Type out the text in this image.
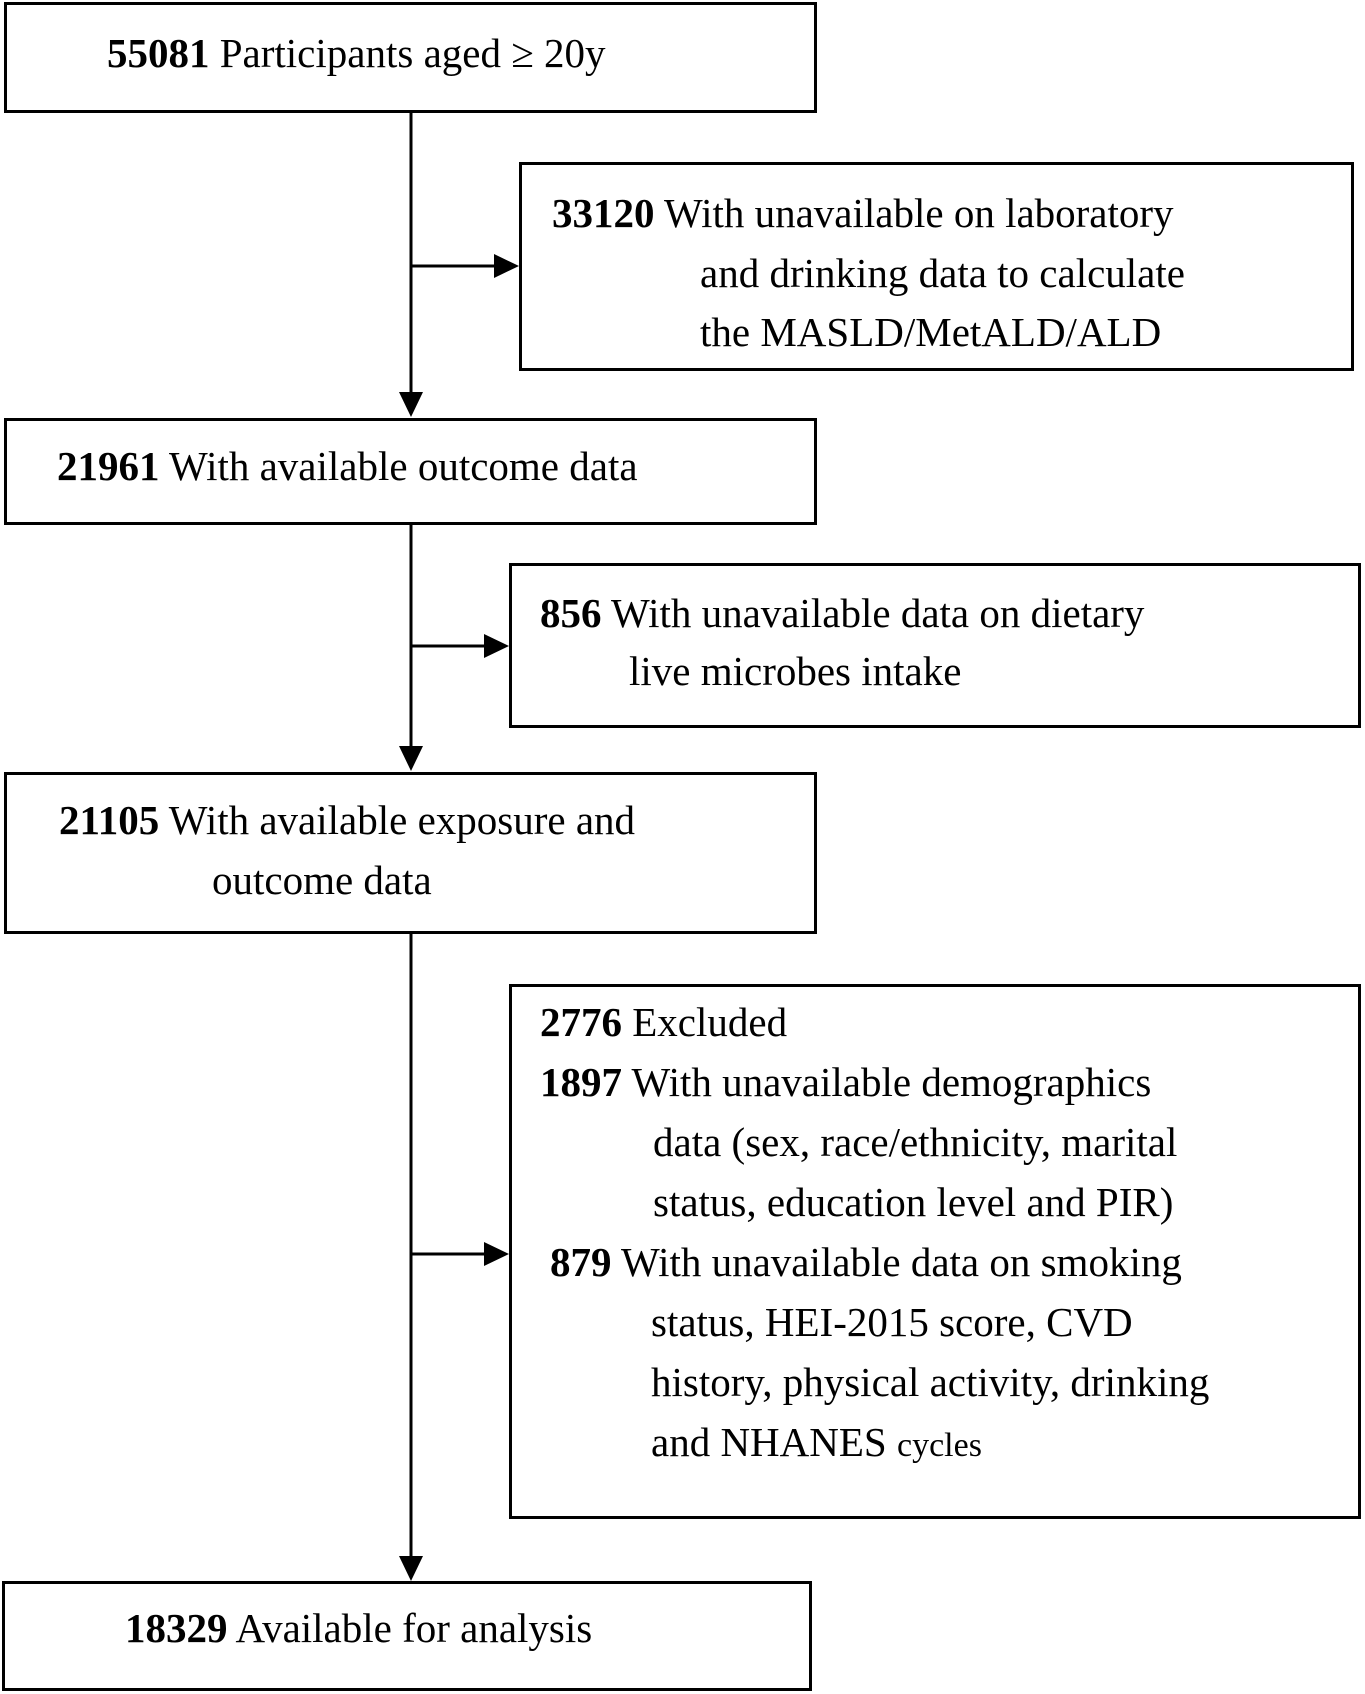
55081 Participants aged ≥ 20y
33120 With unavailable on laboratory
and drinking data to calculate
the MASLD/MetALD/ALD
21961 With available outcome data
856 With unavailable data on dietary
live microbes intake
21105 With available exposure and
outcome data
2776 Excluded
1897 With unavailable demographics
data (sex, race/ethnicity, marital
status, education level and PIR)
879 With unavailable data on smoking
status, HEI-2015 score, CVD
history, physical activity, drinking
and NHANES cycles
18329 Available for analysis
